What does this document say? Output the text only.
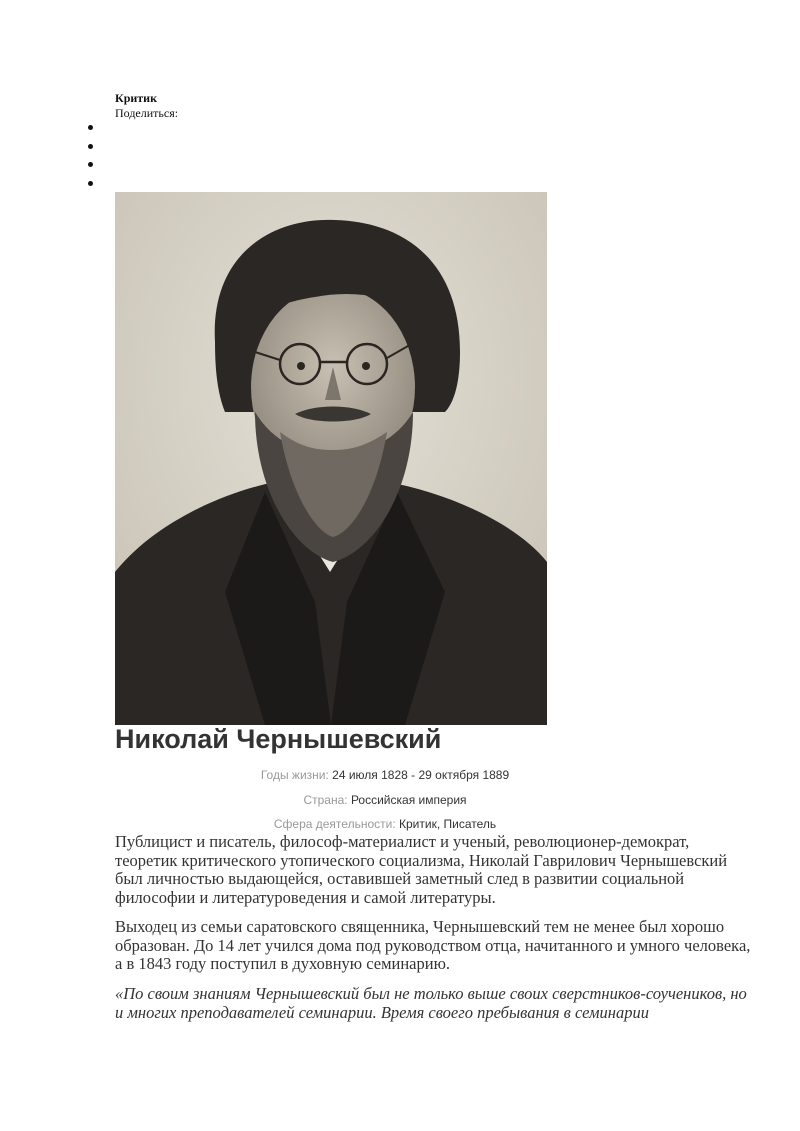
Критик
Поделиться:
Николай Чернышевский
Годы жизни: 24 июля 1828 - 29 октября 1889
Страна: Российская империя
Сфера деятельности: Критик, Писатель

Публицист и писатель, философ-материалист и ученый, революционер-демократ, теоретик критического утопического социализма, Николай Гаврилович Чернышевский был личностью выдающейся, оставившей заметный след в развитии социальной философии и литературоведения и самой литературы.

Выходец из семьи саратовского священника, Чернышевский тем не менее был хорошо образован. До 14 лет учился дома под руководством отца, начитанного и умного человека, а в 1843 году поступил в духовную семинарию.

«По своим знаниям Чернышевский был не только выше своих сверстников-соучеников, но и многих преподавателей семинарии. Время своего пребывания в семинарии
